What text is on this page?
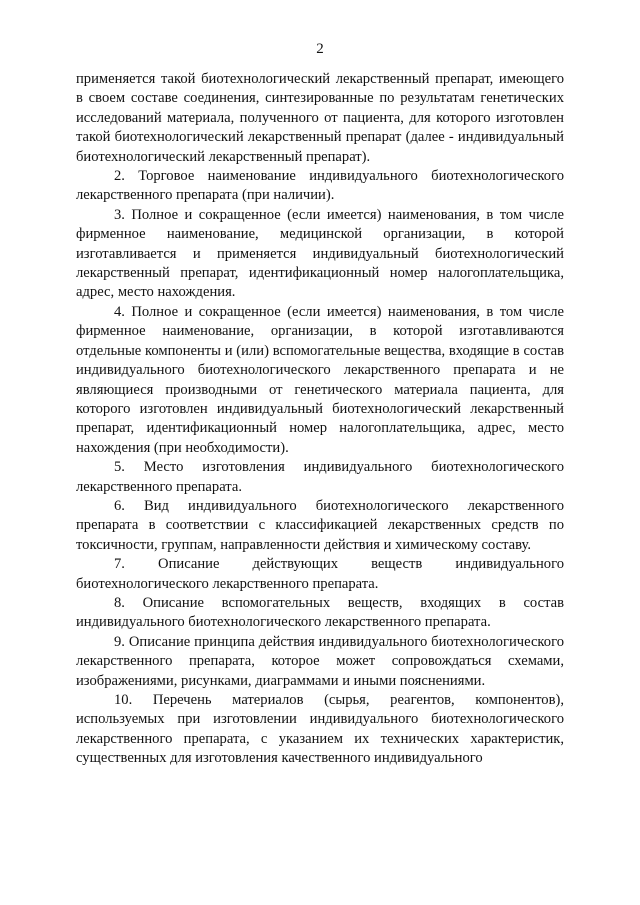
2

применяется такой биотехнологический лекарственный препарат, имеющего в своем составе соединения, синтезированные по результатам генетических исследований материала, полученного от пациента, для которого изготовлен такой биотехнологический лекарственный препарат (далее - индивидуальный биотехнологический лекарственный препарат).

2. Торговое наименование индивидуального биотехнологического лекарственного препарата (при наличии).

3. Полное и сокращенное (если имеется) наименования, в том числе фирменное наименование, медицинской организации, в которой изготавливается и применяется индивидуальный биотехнологический лекарственный препарат, идентификационный номер налогоплательщика, адрес, место нахождения.

4. Полное и сокращенное (если имеется) наименования, в том числе фирменное наименование, организации, в которой изготавливаются отдельные компоненты и (или) вспомогательные вещества, входящие в состав индивидуального биотехнологического лекарственного препарата и не являющиеся производными от генетического материала пациента, для которого изготовлен индивидуальный биотехнологический лекарственный препарат, идентификационный номер налогоплательщика, адрес, место нахождения (при необходимости).

5. Место изготовления индивидуального биотехнологического лекарственного препарата.

6. Вид индивидуального биотехнологического лекарственного препарата в соответствии с классификацией лекарственных средств по токсичности, группам, направленности действия и химическому составу.

7. Описание действующих веществ индивидуального биотехнологического лекарственного препарата.

8. Описание вспомогательных веществ, входящих в состав индивидуального биотехнологического лекарственного препарата.

9. Описание принципа действия индивидуального биотехнологического лекарственного препарата, которое может сопровождаться схемами, изображениями, рисунками, диаграммами и иными пояснениями.

10. Перечень материалов (сырья, реагентов, компонентов), используемых при изготовлении индивидуального биотехнологического лекарственного препарата, с указанием их технических характеристик, существенных для изготовления качественного индивидуального
